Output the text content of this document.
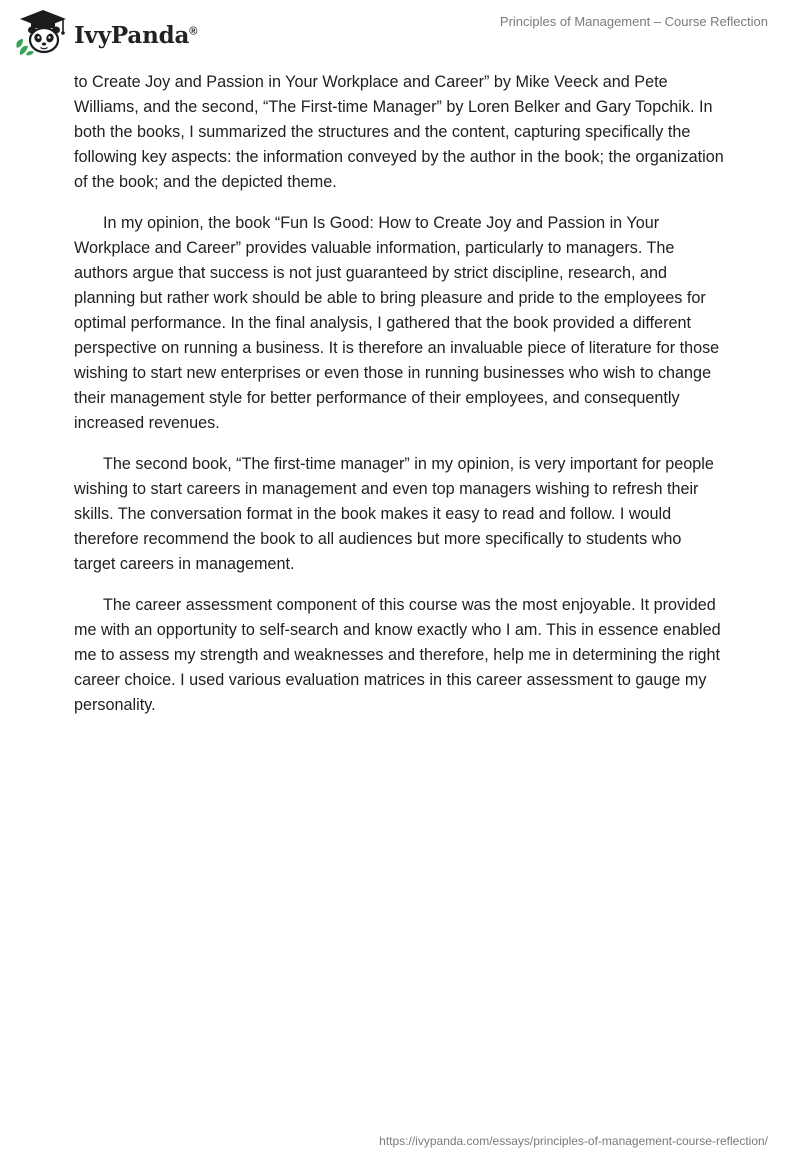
IvyPanda®
Principles of Management – Course Reflection

to Create Joy and Passion in Your Workplace and Career” by Mike Veeck and Pete Williams, and the second, “The First-time Manager” by Loren Belker and Gary Topchik. In both the books, I summarized the structures and the content, capturing specifically the following key aspects: the information conveyed by the author in the book; the organization of the book; and the depicted theme.

In my opinion, the book “Fun Is Good: How to Create Joy and Passion in Your Workplace and Career” provides valuable information, particularly to managers. The authors argue that success is not just guaranteed by strict discipline, research, and planning but rather work should be able to bring pleasure and pride to the employees for optimal performance. In the final analysis, I gathered that the book provided a different perspective on running a business. It is therefore an invaluable piece of literature for those wishing to start new enterprises or even those in running businesses who wish to change their management style for better performance of their employees, and consequently increased revenues.

The second book, “The first-time manager” in my opinion, is very important for people wishing to start careers in management and even top managers wishing to refresh their skills. The conversation format in the book makes it easy to read and follow. I would therefore recommend the book to all audiences but more specifically to students who target careers in management.

The career assessment component of this course was the most enjoyable. It provided me with an opportunity to self-search and know exactly who I am. This in essence enabled me to assess my strength and weaknesses and therefore, help me in determining the right career choice. I used various evaluation matrices in this career assessment to gauge my personality.

https://ivypanda.com/essays/principles-of-management-course-reflection/
